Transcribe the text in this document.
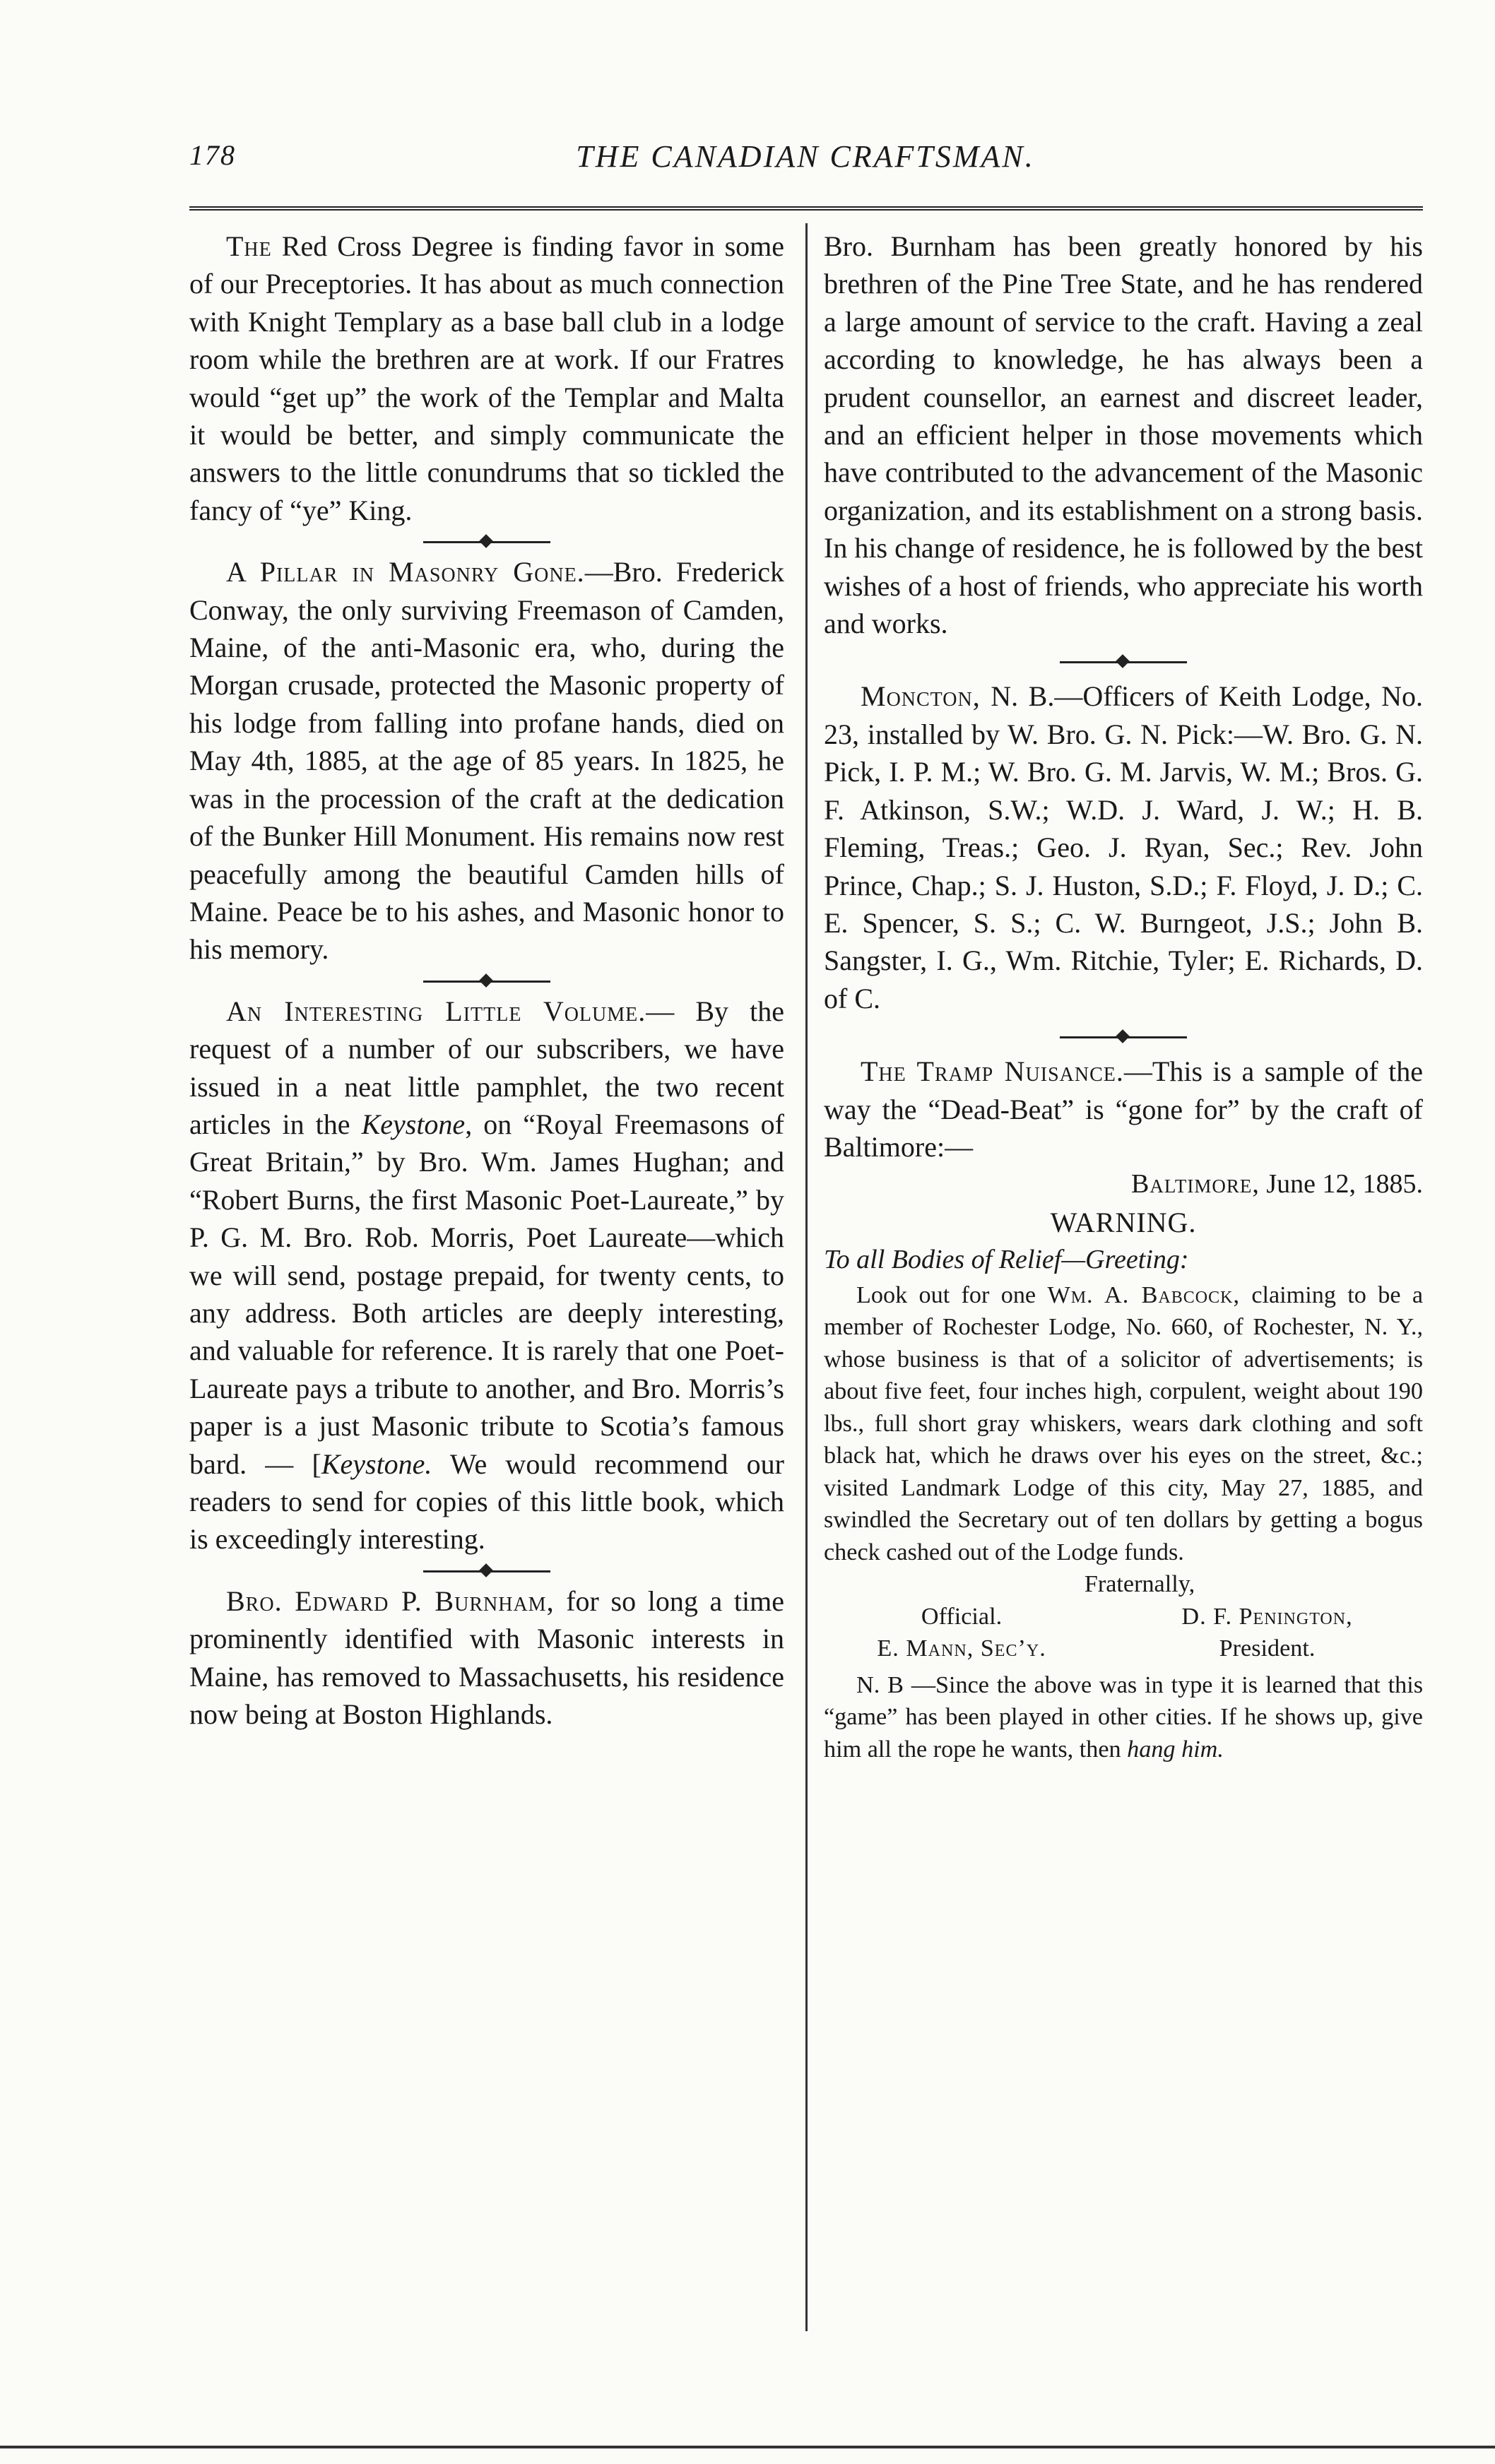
178	THE CANADIAN CRAFTSMAN.

The Red Cross Degree is finding favor in some of our Preceptories. It has about as much connection with Knight Templary as a base ball club in a lodge room while the brethren are at work. If our Fratres would “get up” the work of the Templar and Malta it would be better, and simply communicate the answers to the little conundrums that so tickled the fancy of “ye” King.

A Pillar in Masonry Gone.—Bro. Frederick Conway, the only surviving Freemason of Camden, Maine, of the anti-Masonic era, who, during the Morgan crusade, protected the Masonic property of his lodge from falling into profane hands, died on May 4th, 1885, at the age of 85 years. In 1825, he was in the procession of the craft at the dedication of the Bunker Hill Monument. His remains now rest peacefully among the beautiful Camden hills of Maine. Peace be to his ashes, and Masonic honor to his memory.

An Interesting Little Volume.— By the request of a number of our subscribers, we have issued in a neat little pamphlet, the two recent articles in the Keystone, on “Royal Freemasons of Great Britain,” by Bro. Wm. James Hughan; and “Robert Burns, the first Masonic Poet-Laureate,” by P. G. M. Bro. Rob. Morris, Poet Laureate—which we will send, postage prepaid, for twenty cents, to any address. Both articles are deeply interesting, and valuable for reference. It is rarely that one Poet-Laureate pays a tribute to another, and Bro. Morris’s paper is a just Masonic tribute to Scotia’s famous bard. — [Keystone. We would recommend our readers to send for copies of this little book, which is exceedingly interesting.

Bro. Edward P. Burnham, for so long a time prominently identified with Masonic interests in Maine, has removed to Massachusetts, his residence now being at Boston Highlands.

Bro. Burnham has been greatly honored by his brethren of the Pine Tree State, and he has rendered a large amount of service to the craft. Having a zeal according to knowledge, he has always been a prudent counsellor, an earnest and discreet leader, and an efficient helper in those movements which have contributed to the advancement of the Masonic organization, and its establishment on a strong basis. In his change of residence, he is followed by the best wishes of a host of friends, who appreciate his worth and works.

Moncton, N. B.—Officers of Keith Lodge, No. 23, installed by W. Bro. G. N. Pick:—W. Bro. G. N. Pick, I. P. M.; W. Bro. G. M. Jarvis, W. M.; Bros. G. F. Atkinson, S.W.; W.D. J. Ward, J. W.; H. B. Fleming, Treas.; Geo. J. Ryan, Sec.; Rev. John Prince, Chap.; S. J. Huston, S.D.; F. Floyd, J. D.; C. E. Spencer, S. S.; C. W. Burngeot, J.S.; John B. Sangster, I. G., Wm. Ritchie, Tyler; E. Richards, D. of C.

The Tramp Nuisance.—This is a sample of the way the “Dead-Beat” is “gone for” by the craft of Baltimore:—

Baltimore, June 12, 1885.

WARNING.

To all Bodies of Relief—Greeting:

Look out for one Wm. A. Babcock, claiming to be a member of Rochester Lodge, No. 660, of Rochester, N. Y., whose business is that of a solicitor of advertisements; is about five feet, four inches high, corpulent, weight about 190 lbs., full short gray whiskers, wears dark clothing and soft black hat, which he draws over his eyes on the street, &c.; visited Landmark Lodge of this city, May 27, 1885, and swindled the Secretary out of ten dollars by getting a bogus check cashed out of the Lodge funds.

Fraternally,

Official.	D. F. Penington,
E. Mann, Sec’y.	President.

N. B —Since the above was in type it is learned that this “game” has been played in other cities. If he shows up, give him all the rope he wants, then hang him.
